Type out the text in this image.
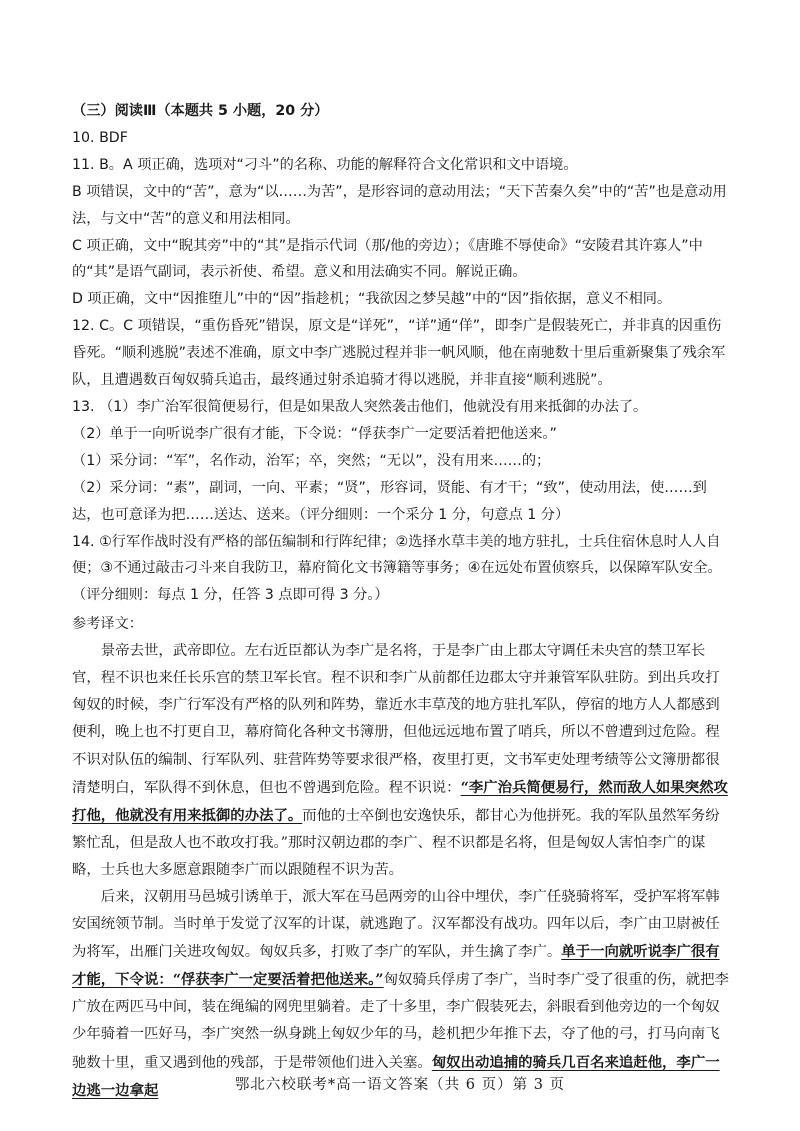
（三）阅读Ⅲ（本题共 5 小题，20 分）

10. BDF

11. B。A 项正确，选项对“刁斗”的名称、功能的解释符合文化常识和文中语境。

B 项错误，文中的“苦”，意为“以……为苦”，是形容词的意动用法；“天下苦秦久矣”中的“苦”也是意动用法，与文中“苦”的意义和用法相同。

C 项正确，文中“睨其旁”中的“其”是指示代词（那/他的旁边）；《唐雎不辱使命》“安陵君其许寡人”中的“其”是语气副词，表示祈使、希望。意义和用法确实不同。解说正确。

D 项正确，文中“因推堕儿”中的“因”指趁机；“我欲因之梦吴越”中的“因”指依据，意义不相同。

12. C。C 项错误，“重伤昏死”错误，原文是“详死”，“详”通“佯”，即李广是假装死亡，并非真的因重伤昏死。“顺利逃脱”表述不准确，原文中李广逃脱过程并非一帆风顺，他在南驰数十里后重新聚集了残余军队，且遭遇数百匈奴骑兵追击，最终通过射杀追骑才得以逃脱，并非直接“顺利逃脱”。

13. （1）李广治军很简便易行，但是如果敌人突然袭击他们，他就没有用来抵御的办法了。

（2）单于一向听说李广很有才能，下令说：“俘获李广一定要活着把他送来。”

（1）采分词：“军”，名作动，治军；卒，突然；“无以”，没有用来……的；

（2）采分词：“素”，副词，一向、平素；“贤”，形容词，贤能、有才干；“致”，使动用法，使……到达，也可意译为把……送达、送来。（评分细则：一个采分 1 分，句意点 1 分）

14. ①行军作战时没有严格的部伍编制和行阵纪律；②选择水草丰美的地方驻扎，士兵住宿休息时人人自便；③不通过敲击刁斗来自我防卫，幕府简化文书簿籍等事务；④在远处布置侦察兵，以保障军队安全。（评分细则：每点 1 分，任答 3 点即可得 3 分。）

参考译文：

景帝去世，武帝即位。左右近臣都认为李广是名将，于是李广由上郡太守调任未央宫的禁卫军长官，程不识也来任长乐宫的禁卫军长官。程不识和李广从前都任边郡太守并兼管军队驻防。到出兵攻打匈奴的时候，李广行军没有严格的队列和阵势，靠近水丰草茂的地方驻扎军队，停宿的地方人人都感到便利，晚上也不打更自卫，幕府简化各种文书簿册，但他远远地布置了哨兵，所以不曾遭到过危险。程不识对队伍的编制、行军队列、驻营阵势等要求很严格，夜里打更，文书军吏处理考绩等公文簿册都很清楚明白，军队得不到休息，但也不曾遇到危险。程不识说：“李广治兵简便易行，然而敌人如果突然攻打他，他就没有用来抵御的办法了。而他的士卒倒也安逸快乐，都甘心为他拼死。我的军队虽然军务纷繁忙乱，但是敌人也不敢攻打我。”那时汉朝边郡的李广、程不识都是名将，但是匈奴人害怕李广的谋略，士兵也大多愿意跟随李广而以跟随程不识为苦。

后来，汉朝用马邑城引诱单于，派大军在马邑两旁的山谷中埋伏，李广任骁骑将军，受护军将军韩安国统领节制。当时单于发觉了汉军的计谋，就逃跑了。汉军都没有战功。四年以后，李广由卫尉被任为将军，出雁门关进攻匈奴。匈奴兵多，打败了李广的军队，并生擒了李广。单于一向就听说李广很有才能，下令说：“俘获李广一定要活着把他送来。”匈奴骑兵俘虏了李广，当时李广受了很重的伤，就把李广放在两匹马中间，装在绳编的网兜里躺着。走了十多里，李广假装死去，斜眼看到他旁边的一个匈奴少年骑着一匹好马，李广突然一纵身跳上匈奴少年的马，趁机把少年推下去，夺了他的弓，打马向南飞驰数十里，重又遇到他的残部，于是带领他们进入关塞。匈奴出动追捕的骑兵几百名来追赶他，李广一边逃一边拿起	鄂北六校联考*高一语文答案（共 6 页）第 3 页
